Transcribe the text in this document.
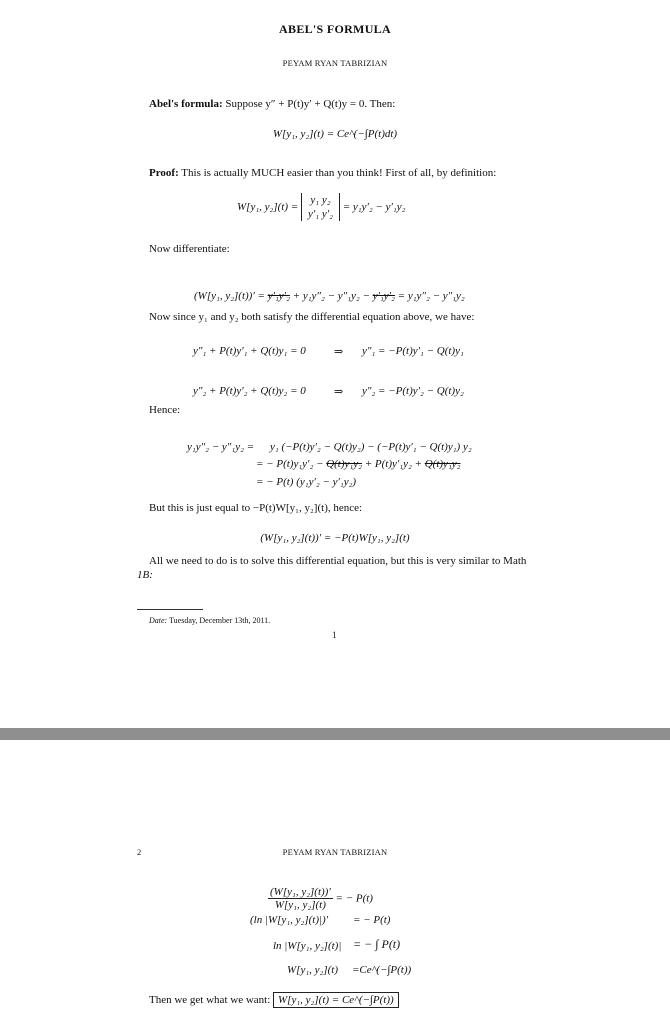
ABEL'S FORMULA
PEYAM RYAN TABRIZIAN
Abel's formula: Suppose y″ + P(t)y′ + Q(t)y = 0. Then:
W[y₁, y₂](t) = Ce^(−∫P(t)dt)
Proof: This is actually MUCH easier than you think! First of all, by definition:
W[y₁, y₂](t) =
y₁ y₂
y′₁ y′₂
= y₁y′₂ − y′₁y₂
Now differentiate:
(W[y₁, y₂](t))′ = y′₁y′₂ + y₁y″₂ − y″₁y₂ − y′₁y′₂ = y₁y″₂ − y″₁y₂
Now since y₁ and y₂ both satisfy the differential equation above, we have:
y″₁ + P(t)y′₁ + Q(t)y₁ = 0	⇒ y″₁ = −P(t)y′₁ − Q(t)y₁
y″₂ + P(t)y′₂ + Q(t)y₂ = 0	⇒ y″₂ = −P(t)y′₂ − Q(t)y₂
Hence:
y₁y″₂ − y″₁y₂ = y₁ (−P(t)y′₂ − Q(t)y₂) − (−P(t)y′₁ − Q(t)y₁) y₂
= − P(t)y₁y′₂ − Q(t)y₁y₂ + P(t)y′₁y₂ + Q(t)y₁y₂
= − P(t) (y₁y′₂ − y′₁y₂)
But this is just equal to −P(t)W[y₁, y₂](t), hence:
(W[y₁, y₂](t))′ = −P(t)W[y₁, y₂](t)
All we need to do is to solve this differential equation, but this is very similar to Math
1B:
Date: Tuesday, December 13th, 2011.
1
2	PEYAM RYAN TABRIZIAN
$\frac{\text{(W[y₁, y₂](t))′}}{\text{W[y₁, y₂](t)}}$ = − P(t)
(ln |W[y₁, y₂](t)|)′ = − P(t)
ln |W[y₁, y₂](t)| = − ∫ P(t)
W[y₁, y₂](t) =Ce^(−∫P(t))
Then we get what we want: W[y₁, y₂](t) = Ce^(−∫P(t))
